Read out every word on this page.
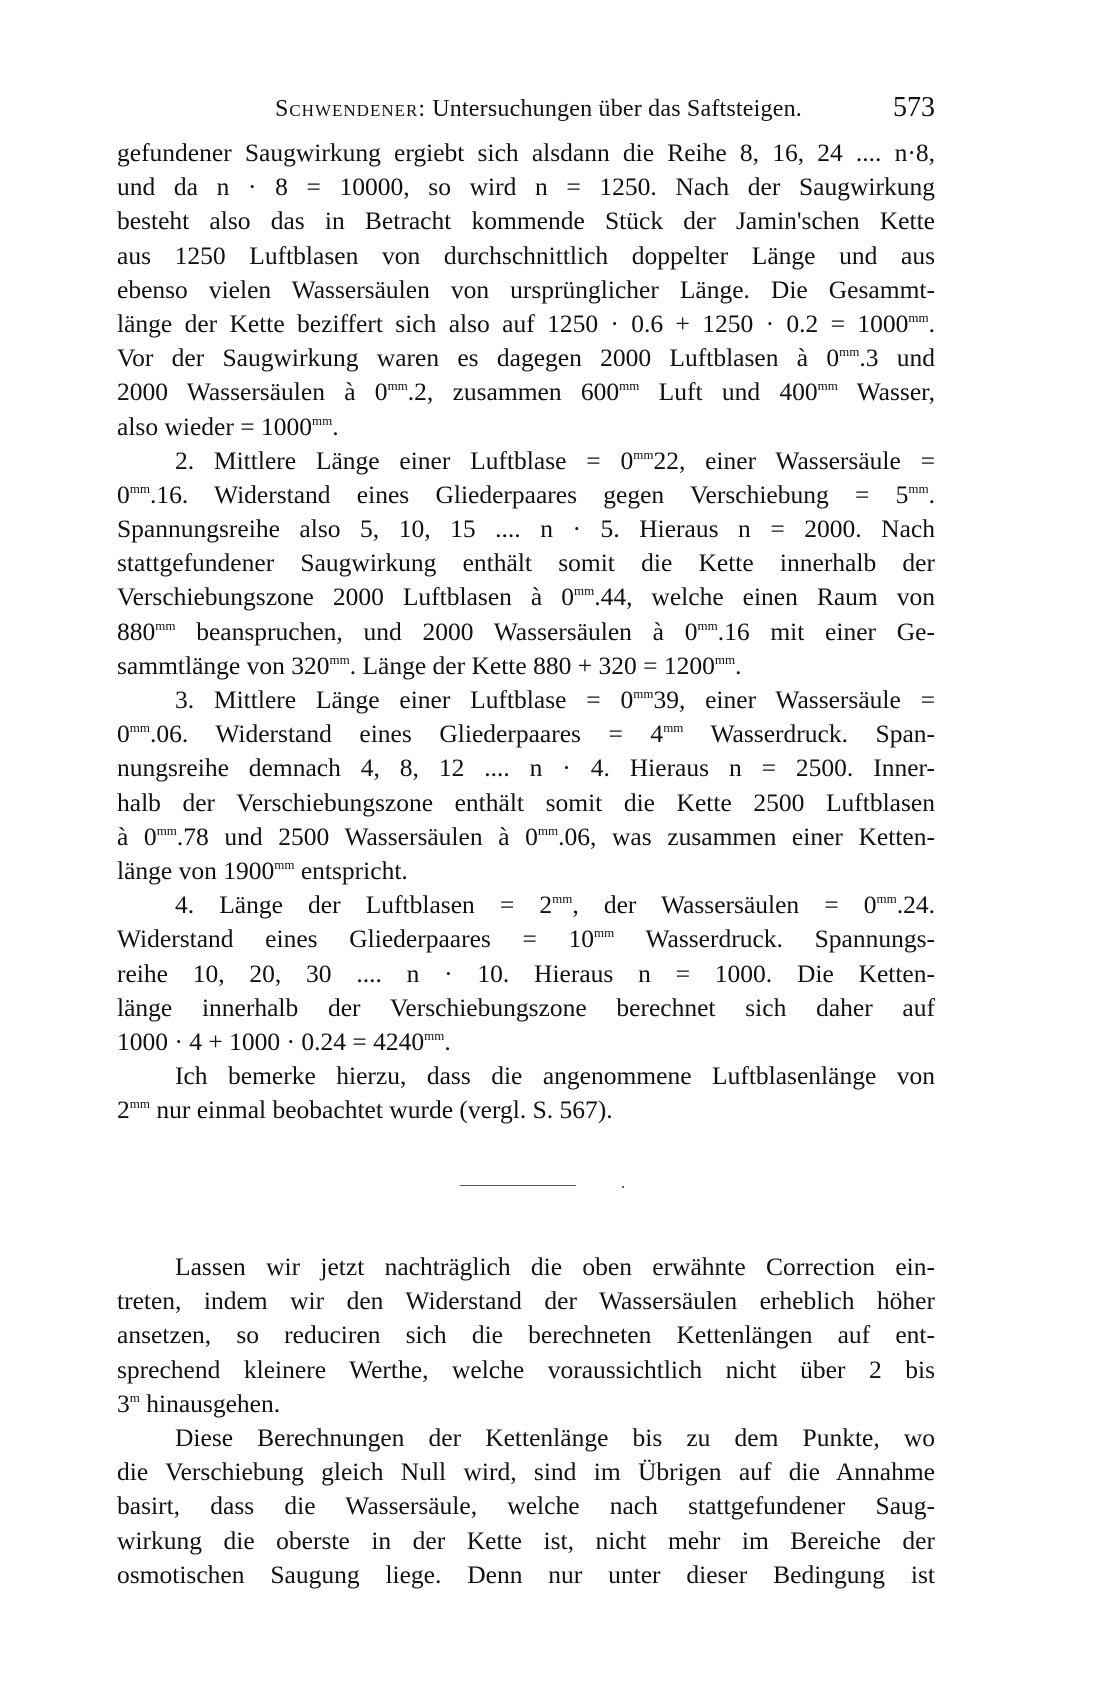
Schwendener: Untersuchungen über das Saftsteigen.	573
gefundener Saugwirkung ergiebt sich alsdann die Reihe 8, 16, 24 .... n·8,
und da n · 8 = 10000, so wird n = 1250. Nach der Saugwirkung
besteht also das in Betracht kommende Stück der Jamin'schen Kette
aus 1250 Luftblasen von durchschnittlich doppelter Länge und aus
ebenso vielen Wassersäulen von ursprünglicher Länge. Die Gesammt-
länge der Kette beziffert sich also auf $1250 \cdot 0.6 + 1250 \cdot 0.2 = 1000^{mm}$.
Vor der Saugwirkung waren es dagegen 2000 Luftblasen à $0^{mm}.3$ und
2000 Wassersäulen à $0^{mm}.2$, zusammen $600^{mm}$ Luft und $400^{mm}$ Wasser,
also wieder = $1000^{mm}$.
2. Mittlere Länge einer Luftblase = $0^{mm}22$, einer Wassersäule =
$0^{mm}.16$. Widerstand eines Gliederpaares gegen Verschiebung = $5^{mm}$.
Spannungsreihe also 5, 10, 15 .... n · 5. Hieraus n = 2000. Nach
stattgefundener Saugwirkung enthält somit die Kette innerhalb der
Verschiebungszone 2000 Luftblasen à $0^{mm}.44$, welche einen Raum von
$880^{mm}$ beanspruchen, und 2000 Wassersäulen à $0^{mm}.16$ mit einer Ge-
sammtlänge von $320^{mm}$. Länge der Kette $880 + 320 = 1200^{mm}$.
3. Mittlere Länge einer Luftblase = $0^{mm}39$, einer Wassersäule =
$0^{mm}.06$. Widerstand eines Gliederpaares = $4^{mm}$ Wasserdruck. Span-
nungsreihe demnach 4, 8, 12 .... n · 4. Hieraus n = 2500. Inner-
halb der Verschiebungszone enthält somit die Kette 2500 Luftblasen
à $0^{mm}.78$ und 2500 Wassersäulen à $0^{mm}.06$, was zusammen einer Ketten-
länge von $1900^{mm}$ entspricht.
4. Länge der Luftblasen = $2^{mm}$, der Wassersäulen = $0^{mm}.24$.
Widerstand eines Gliederpaares = $10^{mm}$ Wasserdruck. Spannungs-
reihe 10, 20, 30 .... n · 10. Hieraus n = 1000. Die Ketten-
länge innerhalb der Verschiebungszone berechnet sich daher auf
$1000 \cdot 4 + 1000 \cdot 0.24 = 4240^{mm}$.
Ich bemerke hierzu, dass die angenommene Luftblasenlänge von
$2^{mm}$ nur einmal beobachtet wurde (vergl. S. 567).
Lassen wir jetzt nachträglich die oben erwähnte Correction ein-
treten, indem wir den Widerstand der Wassersäulen erheblich höher
ansetzen, so reduciren sich die berechneten Kettenlängen auf ent-
sprechend kleinere Werthe, welche voraussichtlich nicht über 2 bis
3$^m$ hinausgehen.
Diese Berechnungen der Kettenlänge bis zu dem Punkte, wo
die Verschiebung gleich Null wird, sind im Übrigen auf die Annahme
basirt, dass die Wassersäule, welche nach stattgefundener Saug-
wirkung die oberste in der Kette ist, nicht mehr im Bereiche der
osmotischen Saugung liege. Denn nur unter dieser Bedingung ist
